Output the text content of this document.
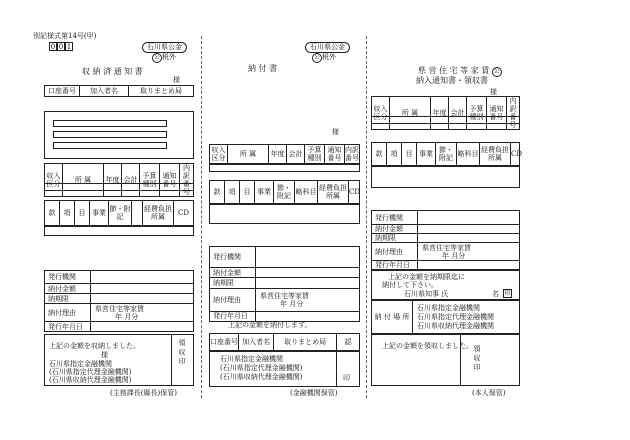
別記様式第14号(甲)
0 0 1	石川県公金
公 税外
収 納 済 通 知 書
様
口座番号	加入者名	取りまとめ局
収入区分	所 属	年度	会計	予算種別	通知番号	内訳番号
款	項	目	事業	節・附記		経費負担所属	CD
発行機関	
納付金額	
納期限	
納付理由	県営住宅等家賃
年 月分
発行年月日	
上記の金額を収納しました。
様
石川県指定金融機関
(石川県指定代理金融機関)
(石川県収納代理金融機関)
領 収 印
(主務課長(縣長)保管)
石川県公金
公 税外
納 付 書
様
収入区分	所 属	年度	会計	予算種別	通知番号	内訳番号
款	項	目	事業	節・附記	略科目	経費負担所属	CD
発行機関	
納付金額	
納期限	
納付理由	県営住宅等家賃
年 月分
発行年月日	
上記の金額を納付します。
口座番号	加入者名	取りまとめ局	認
石川県指定金融機関
(石川県指定代理金融機関)
(石川県収納代理金融機関)	印
(金融機関保管)
県 営 住 宅 等 家 賃 公
納入通知書・領収書
様
収入区分	所 属	年度	会計	予算種別	通知番号	内訳番号
款	項	目	事業	節・附記	略科目	経費負担所属	CD
発行機関	
納付金額	
納期限	
納付理由	県営住宅等家賃
年 月分
発行年月日	
上記の金額を納期限迄に
納付して下さい。
石川県知事 氏	名 印
納 付 場 所	石川県指定金融機関
石川県指定代理金融機関
石川県収納代理金融機関
上記の金額を領収しました。 領 収 印
(本人保管)
